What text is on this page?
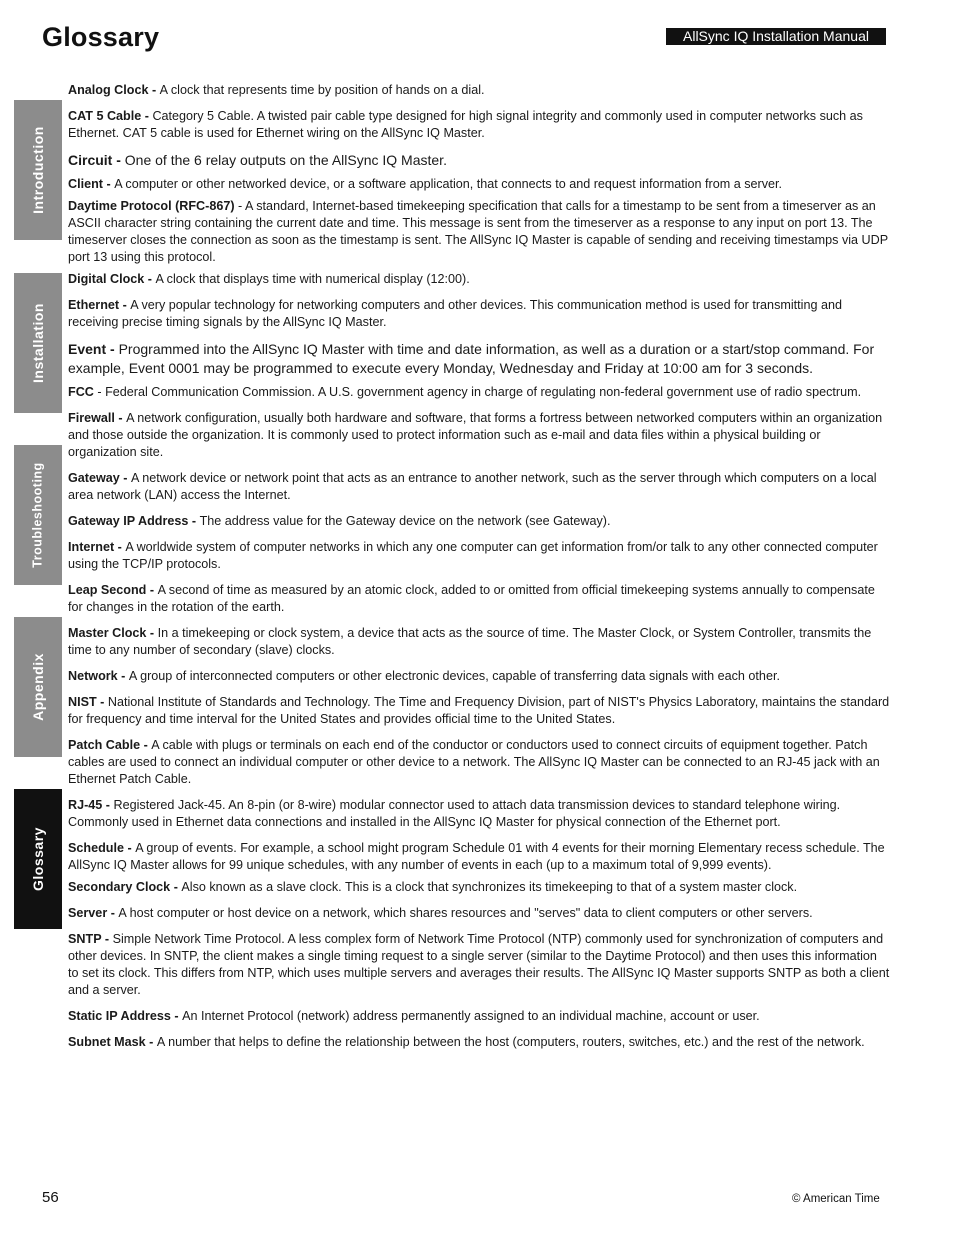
Glossary	AllSync IQ Installation Manual
Introduction
Installation
Troubleshooting
Appendix
Glossary

Analog Clock - A clock that represents time by position of hands on a dial.

CAT 5 Cable - Category 5 Cable. A twisted pair cable type designed for high signal integrity and commonly used in computer networks such as Ethernet. CAT 5 cable is used for Ethernet wiring on the AllSync IQ Master.

Circuit - One of the 6 relay outputs on the AllSync IQ Master.

Client - A computer or other networked device, or a software application, that connects to and request information from a server.

Daytime Protocol (RFC-867) - A standard, Internet-based timekeeping specification that calls for a timestamp to be sent from a timeserver as an ASCII character string containing the current date and time. This message is sent from the timeserver as a response to any input on port 13. The timeserver closes the connection as soon as the timestamp is sent. The AllSync IQ Master is capable of sending and receiving timestamps via UDP port 13 using this protocol.

Digital Clock - A clock that displays time with numerical display (12:00).

Ethernet - A very popular technology for networking computers and other devices. This communication method is used for transmitting and receiving precise timing signals by the AllSync IQ Master.

Event - Programmed into the AllSync IQ Master with time and date information, as well as a duration or a start/stop command. For example, Event 0001 may be programmed to execute every Monday, Wednesday and Friday at 10:00 am for 3 seconds.

FCC - Federal Communication Commission. A U.S. government agency in charge of regulating non-federal government use of radio spectrum.

Firewall - A network configuration, usually both hardware and software, that forms a fortress between networked computers within an organization and those outside the organization. It is commonly used to protect information such as e-mail and data files within a physical building or organization site.

Gateway - A network device or network point that acts as an entrance to another network, such as the server through which computers on a local area network (LAN) access the Internet.

Gateway IP Address - The address value for the Gateway device on the network (see Gateway).

Internet - A worldwide system of computer networks in which any one computer can get information from/or talk to any other connected computer using the TCP/IP protocols.

Leap Second - A second of time as measured by an atomic clock, added to or omitted from official timekeeping systems annually to compensate for changes in the rotation of the earth.

Master Clock - In a timekeeping or clock system, a device that acts as the source of time. The Master Clock, or System Controller, transmits the time to any number of secondary (slave) clocks.

Network - A group of interconnected computers or other electronic devices, capable of transferring data signals with each other.

NIST - National Institute of Standards and Technology. The Time and Frequency Division, part of NIST's Physics Laboratory, maintains the standard for frequency and time interval for the United States and provides official time to the United States.

Patch Cable - A cable with plugs or terminals on each end of the conductor or conductors used to connect circuits of equipment together. Patch cables are used to connect an individual computer or other device to a network. The AllSync IQ Master can be connected to an RJ-45 jack with an Ethernet Patch Cable.

RJ-45 - Registered Jack-45. An 8-pin (or 8-wire) modular connector used to attach data transmission devices to standard telephone wiring. Commonly used in Ethernet data connections and installed in the AllSync IQ Master for physical connection of the Ethernet port.

Schedule - A group of events. For example, a school might program Schedule 01 with 4 events for their morning Elementary recess schedule. The AllSync IQ Master allows for 99 unique schedules, with any number of events in each (up to a maximum total of 9,999 events).

Secondary Clock - Also known as a slave clock. This is a clock that synchronizes its timekeeping to that of a system master clock.

Server - A host computer or host device on a network, which shares resources and "serves" data to client computers or other servers.

SNTP - Simple Network Time Protocol. A less complex form of Network Time Protocol (NTP) commonly used for synchronization of computers and other devices. In SNTP, the client makes a single timing request to a single server (similar to the Daytime Protocol) and then uses this information to set its clock. This differs from NTP, which uses multiple servers and averages their results. The AllSync IQ Master supports SNTP as both a client and a server.

Static IP Address - An Internet Protocol (network) address permanently assigned to an individual machine, account or user.

Subnet Mask - A number that helps to define the relationship between the host (computers, routers, switches, etc.) and the rest of the network.

56	© American Time
